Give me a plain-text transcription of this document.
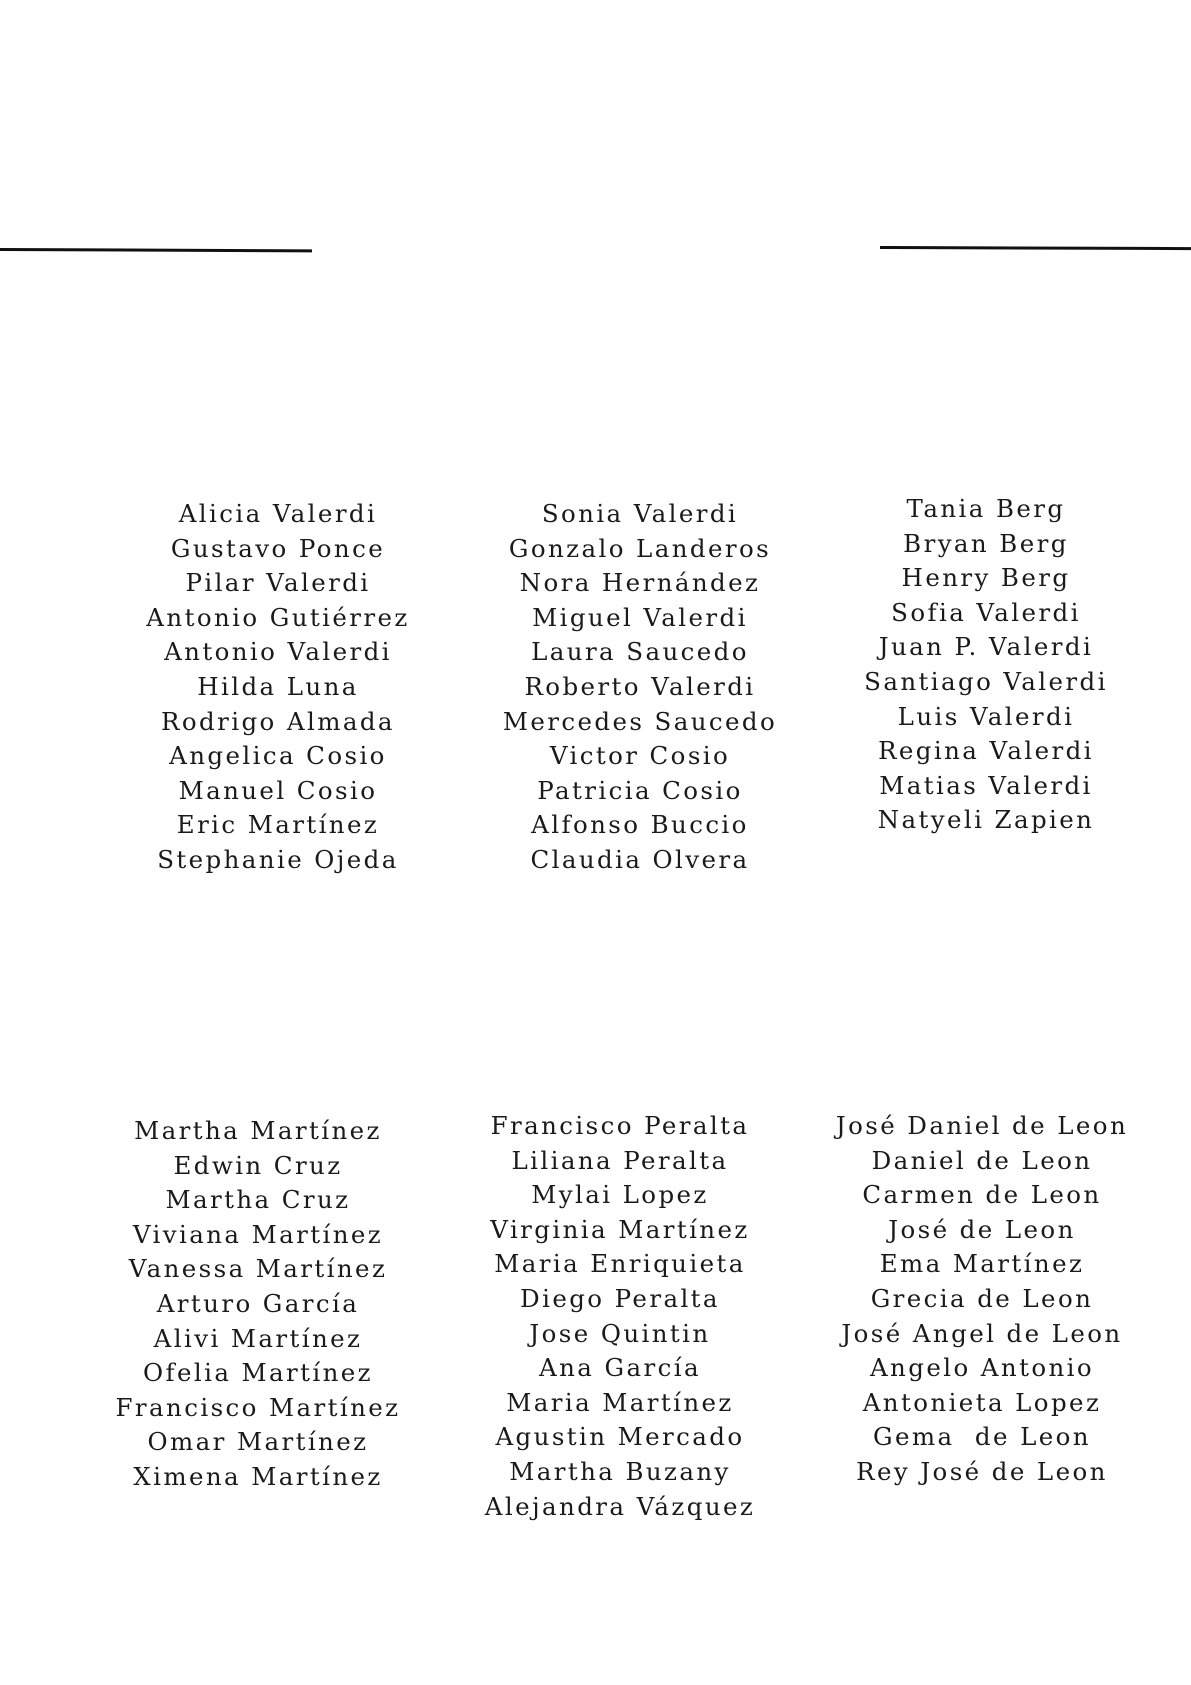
Alicia Valerdi
Gustavo Ponce
Pilar Valerdi
Antonio Gutiérrez
Antonio Valerdi
Hilda Luna
Rodrigo Almada
Angelica Cosio
Manuel Cosio
Eric Martínez
Stephanie Ojeda
Sonia Valerdi
Gonzalo Landeros
Nora Hernández
Miguel Valerdi
Laura Saucedo
Roberto Valerdi
Mercedes Saucedo
Victor Cosio
Patricia Cosio
Alfonso Buccio
Claudia Olvera
Tania Berg
Bryan Berg
Henry Berg
Sofia Valerdi
Juan P. Valerdi
Santiago Valerdi
Luis Valerdi
Regina Valerdi
Matias Valerdi
Natyeli Zapien
Martha Martínez
Edwin Cruz
Martha Cruz
Viviana Martínez
Vanessa Martínez
Arturo García
Alivi Martínez
Ofelia Martínez
Francisco Martínez
Omar Martínez
Ximena Martínez
Francisco Peralta
Liliana Peralta
Mylai Lopez
Virginia Martínez
Maria Enriquieta
Diego Peralta
Jose Quintin
Ana García
Maria Martínez
Agustin Mercado
Martha Buzany
Alejandra Vázquez
José Daniel de Leon
Daniel de Leon
Carmen de Leon
José de Leon
Ema Martínez
Grecia de Leon
José Angel de Leon
Angelo Antonio
Antonieta Lopez
Gema  de Leon
Rey José de Leon
